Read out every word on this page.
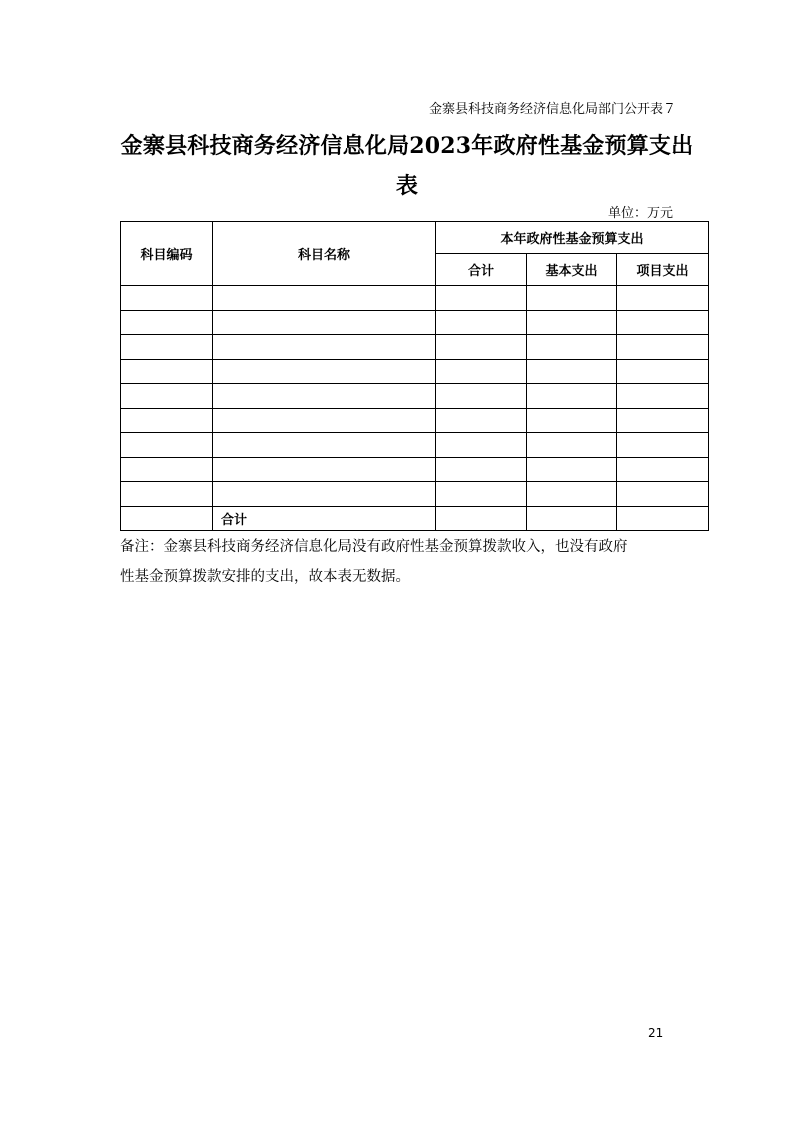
金寨县科技商务经济信息化局部门公开表７
金寨县科技商务经济信息化局2023年政府性基金预算支出
表
单位：万元
科目编码	科目名称	本年政府性基金预算支出		
		合计	基本支出	项目支出

	合计			
备注：金寨县科技商务经济信息化局没有政府性基金预算拨款收入，也没有政府
性基金预算拨款安排的支出，故本表无数据。
21
